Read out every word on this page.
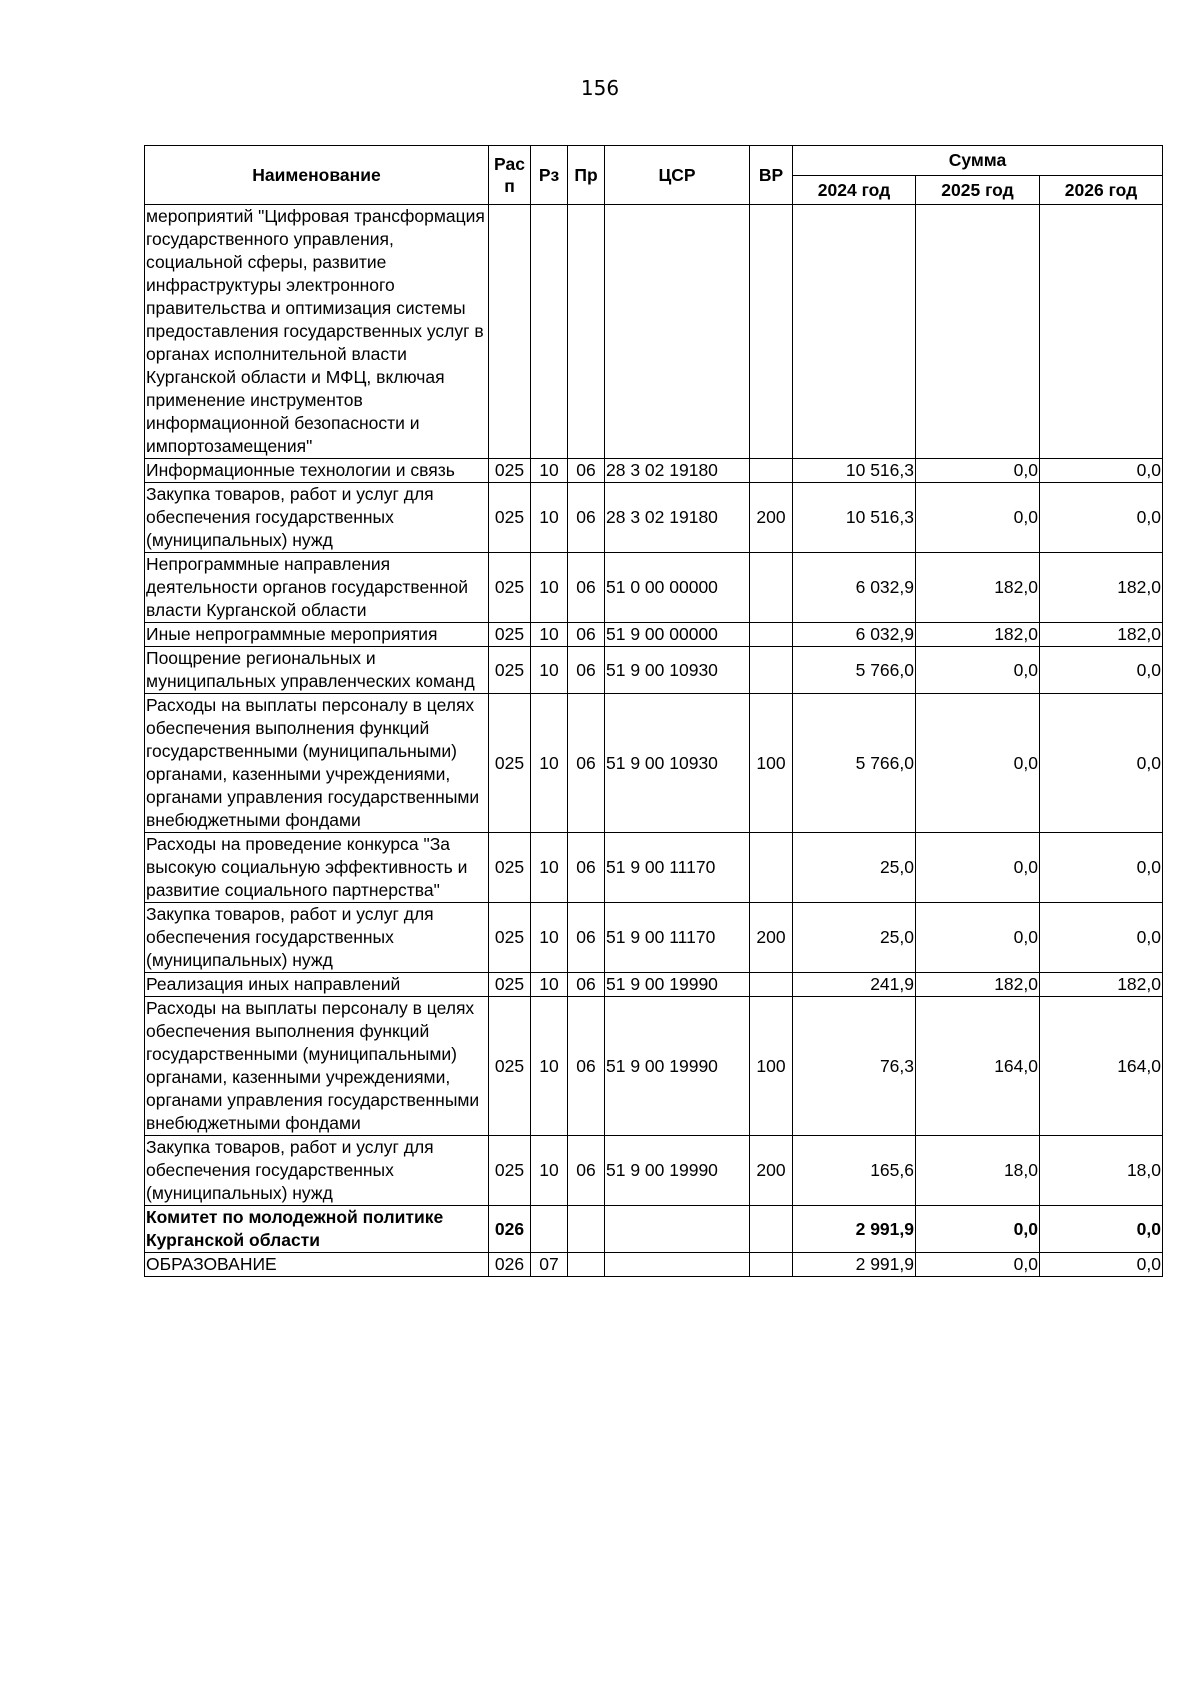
156
Наименование	Рас п	Рз	Пр	ЦСР	ВР	Сумма		
						2024 год	2025 год	2026 год
мероприятий "Цифровая трансформация государственного управления, социальной сферы, развитие инфраструктуры электронного правительства и оптимизация системы предоставления государственных услуг в органах исполнительной власти Курганской области и МФЦ, включая применение инструментов информационной безопасности и импортозамещения"								
Информационные технологии и связь	025	10	06	28 3 02 19180		10 516,3	0,0	0,0
Закупка товаров, работ и услуг для обеспечения государственных (муниципальных) нужд	025	10	06	28 3 02 19180	200	10 516,3	0,0	0,0
Непрограммные направления деятельности органов государственной власти Курганской области	025	10	06	51 0 00 00000		6 032,9	182,0	182,0
Иные непрограммные мероприятия	025	10	06	51 9 00 00000		6 032,9	182,0	182,0
Поощрение региональных и муниципальных управленческих команд	025	10	06	51 9 00 10930		5 766,0	0,0	0,0
Расходы на выплаты персоналу в целях обеспечения выполнения функций государственными (муниципальными) органами, казенными учреждениями, органами управления государственными внебюджетными фондами	025	10	06	51 9 00 10930	100	5 766,0	0,0	0,0
Расходы на проведение конкурса "За высокую социальную эффективность и развитие социального партнерства"	025	10	06	51 9 00 11170		25,0	0,0	0,0
Закупка товаров, работ и услуг для обеспечения государственных (муниципальных) нужд	025	10	06	51 9 00 11170	200	25,0	0,0	0,0
Реализация иных направлений	025	10	06	51 9 00 19990		241,9	182,0	182,0
Расходы на выплаты персоналу в целях обеспечения выполнения функций государственными (муниципальными) органами, казенными учреждениями, органами управления государственными внебюджетными фондами	025	10	06	51 9 00 19990	100	76,3	164,0	164,0
Закупка товаров, работ и услуг для обеспечения государственных (муниципальных) нужд	025	10	06	51 9 00 19990	200	165,6	18,0	18,0
Комитет по молодежной политике Курганской области	026					2 991,9	0,0	0,0
ОБРАЗОВАНИЕ	026	07				2 991,9	0,0	0,0
